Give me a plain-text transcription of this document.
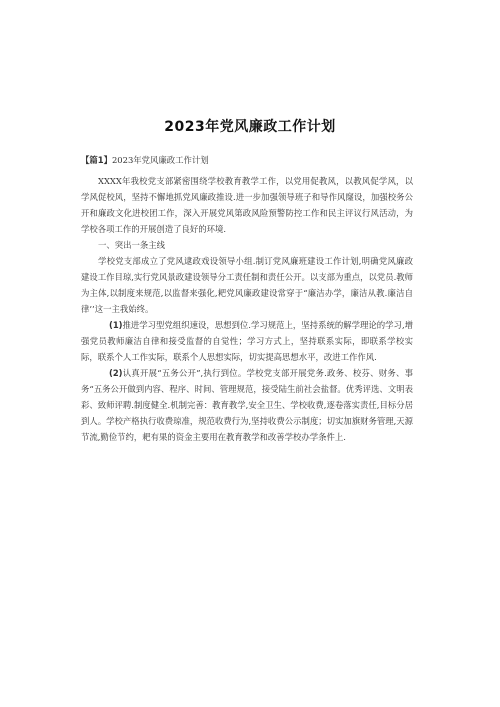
2023年党风廉政工作计划

【篇1】2023年党风廉政工作计划

XXXX年我校党支部紧密围绕学校教育教学工作，以党用促教风，以教风促学风，以学风促校风，坚持不懈地抓党风廉政推设.进一步加强领导班子和导作风窿设，加强校务公开和廉政文化进校团工作，深入开展党风第政风险预警防控工作和民主评议行风活动，为学校各项工作的开展创造了良好的环境.

一、突出一条主线

学校党支部成立了党风逮政戏设领导小组.制订党风廉班建设工作计划,明确党风廉政建设工作目琼,实行党风景政建设领导分工责任制和责任公开。以支部为重点，以党员.教师为主体,以制度来规范,以监督来强化,耙党风廉政建设常穿于“廉洁办学，廉洁从教.廉洁自律’’这一主我始终。

(1)推进学习型党组织速设，思想到位.学习规范上，坚持系统的解学理论的学习,增强党员教师廉洁自律和接受监督的自觉性；学习方式上，坚持联系实际，即联系学校实际，联系个人工作实际，联系个人思想实际，切实提高思想水平，改进工作作风.

(2)认真开展“五务公开”,执行到位。学校党支部开展党务.政务、校芬、财务、事务“五务公开做到内容、程序、时间、管理规范，接受陆生前社会盐督。优秀评选、文明表彩、致师评聘.制度健全.机制完善：教育教学,安全卫生、学校收费,逐卷落实责任,目标分居到人。学校产格执行收费琼准，规范收费行为,坚持收费公示制度；切实加旗财务管理,天源节流,勤俭节约，耙有果的资金主要用在教育教学和改善学校办学条件上.
